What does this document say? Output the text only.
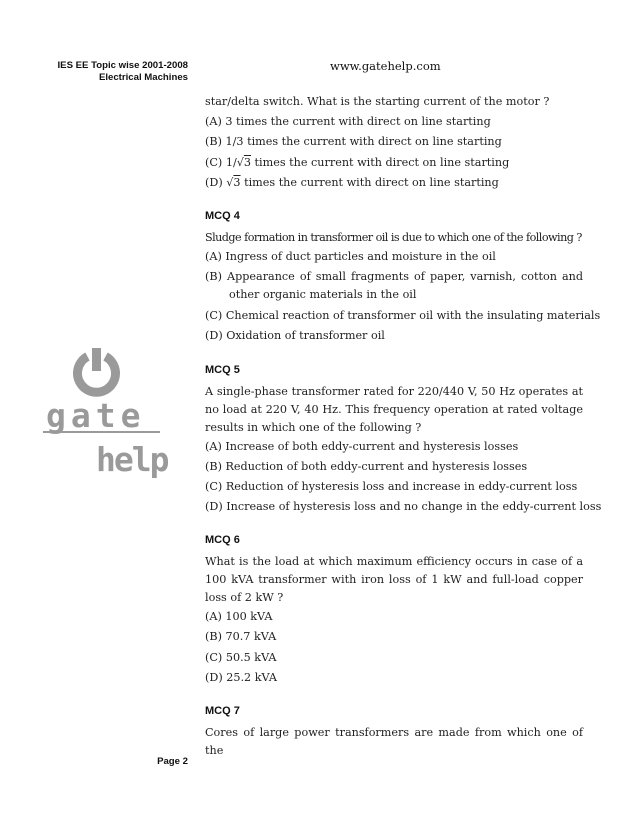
IES EE Topic wise 2001-2008
Electrical Machines
www.gatehelp.com
gate
help
Page 2
star/delta switch. What is the starting current of the motor ?
(A) 3 times the current with direct on line starting
(B) 1/3 times the current with direct on line starting
(C) 1/√3 times the current with direct on line starting
(D) √3 times the current with direct on line starting
MCQ 4

Sludge formation in transformer oil is due to which one of the following ?

(A) Ingress of duct particles and moisture in the oil

(B) Appearance of small fragments of paper, varnish, cotton and other organic materials in the oil

(C) Chemical reaction of transformer oil with the insulating materials
(D) Oxidation of transformer oil
MCQ 5

A single-phase transformer rated for 220/440 V, 50 Hz operates at no load at 220 V, 40 Hz. This frequency operation at rated voltage results in which one of the following ?

(A) Increase of both eddy-current and hysteresis losses
(B) Reduction of both eddy-current and hysteresis losses
(C) Reduction of hysteresis loss and increase in eddy-current loss
(D) Increase of hysteresis loss and no change in the eddy-current loss
MCQ 6

What is the load at which maximum efficiency occurs in case of a 100 kVA transformer with iron loss of 1 kW and full-load copper loss of 2 kW ?

(A) 100 kVA
(B) 70.7 kVA
(C) 50.5 kVA
(D) 25.2 kVA
MCQ 7

Cores of large power transformers are made from which one of the
